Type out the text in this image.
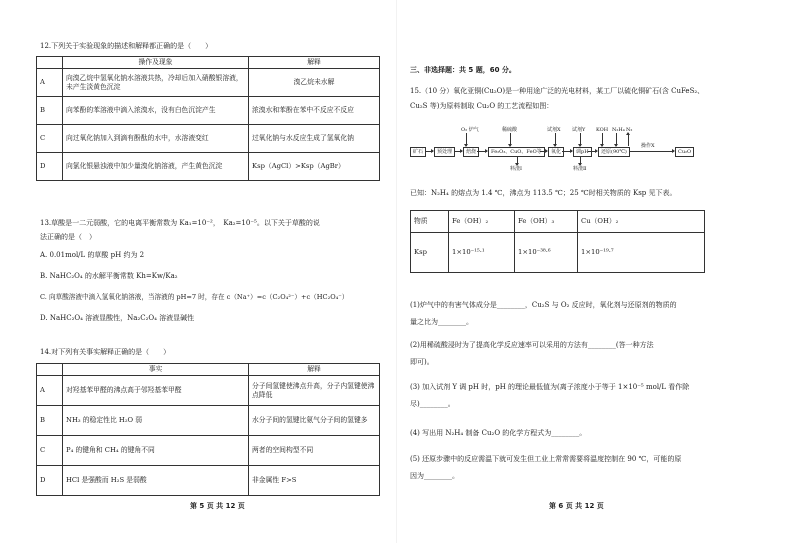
12.下列关于实验现象的描述和解释都正确的是（　　）
	操作及现象	解释
A	向溴乙烷中氢氧化钠水溶液共热，冷却后加入硝酸银溶液，未产生淡黄色沉淀	溴乙烷未水解
B	向苯酚的苯溶液中滴入浓溴水，没有白色沉淀产生	浓溴水和苯酚在苯中不反应不反应
C	向过氧化钠加入到滴有酚酞的水中，水溶液变红	过氧化钠与水反应生成了氢氧化钠
D	向氯化银悬浊液中加少量溴化钠溶液，产生黄色沉淀	Ksp（AgCl）>Ksp（AgBr）
13.草酸是一二元弱酸，它的电离平衡常数为 Ka₁=10⁻²，　Ka₂=10⁻⁵。以下关于草酸的说
法正确的是（　）
A. 0.01mol/L 的草酸 pH 约为 2
B. NaHC₂O₄ 的水解平衡常数 Kh=Kw/Ka₂
C. 向草酸溶液中滴入氢氧化钠溶液，当溶液的 pH=7 时，存在 c（Na⁺）=c（C₂O₄²⁻）+c（HC₂O₄⁻）
D. NaHC₂O₄ 溶液显酸性，Na₂C₂O₄ 溶液显碱性
14.对下列有关事实解释正确的是（　　）
	事实	解释
A	对羟基苯甲醛的沸点高于邻羟基苯甲醛	分子间氢键使沸点升高，分子内氢键使沸点降低
B	NH₃ 的稳定性比 H₂O 弱	水分子间的氢键比氨气分子间的氢键多
C	P₄ 的键角和 CH₄ 的键角不同	两者的空间构型不同
D	HCl 是强酸而 H₂S 是弱酸	非金属性 F>S
第 5 页 共 12 页
三、非选择题：共 5 题，60 分。
15.（10 分）氧化亚铜(Cu₂O)是一种用途广泛的光电材料，某工厂以硫化铜矿石(含 CuFeS₂、
Cu₂S 等)为原料制取 Cu₂O 的工艺流程如图：
矿石	预处理	焙烧	Fe₂O₃、CuO、FeO等	氧化	调pH	还原(90℃)	Cu₂O
O₂ 炉气	稀硫酸	试剂X 试剂Y KOH N₂H₄ N₂
操作X
料渣Ⅰ	料渣Ⅱ
已知：N₂H₄ 的熔点为 1.4 ℃，沸点为 113.5 ℃；25 ℃时相关物质的 Ksp 见下表。
物质	Fe（OH）₂	Fe（OH）₃	Cu（OH）₂
Ksp	1×10⁻¹⁵·¹	1×10⁻³⁸·⁶	1×10⁻¹⁹·⁷
(1)炉气中的有害气体成分是________，Cu₂S 与 O₂ 反应时，氧化剂与还原剂的物质的
量之比为________。
(2)用稀硫酸浸时为了提高化学反应速率可以采用的方法有________(答一种方法
即可)。
(3) 加入试剂 Y 调 pH 时，pH 的理论最低值为(离子浓度小于等于 1×10⁻⁵ mol/L 看作除
尽)________。
(4) 写出用 N₂H₄ 制备 Cu₂O 的化学方程式为________。
(5) 还原步骤中的反应需温下就可发生但工业上常常需要将温度控制在 90 ℃，可能的原
因为________。
第 6 页 共 12 页
